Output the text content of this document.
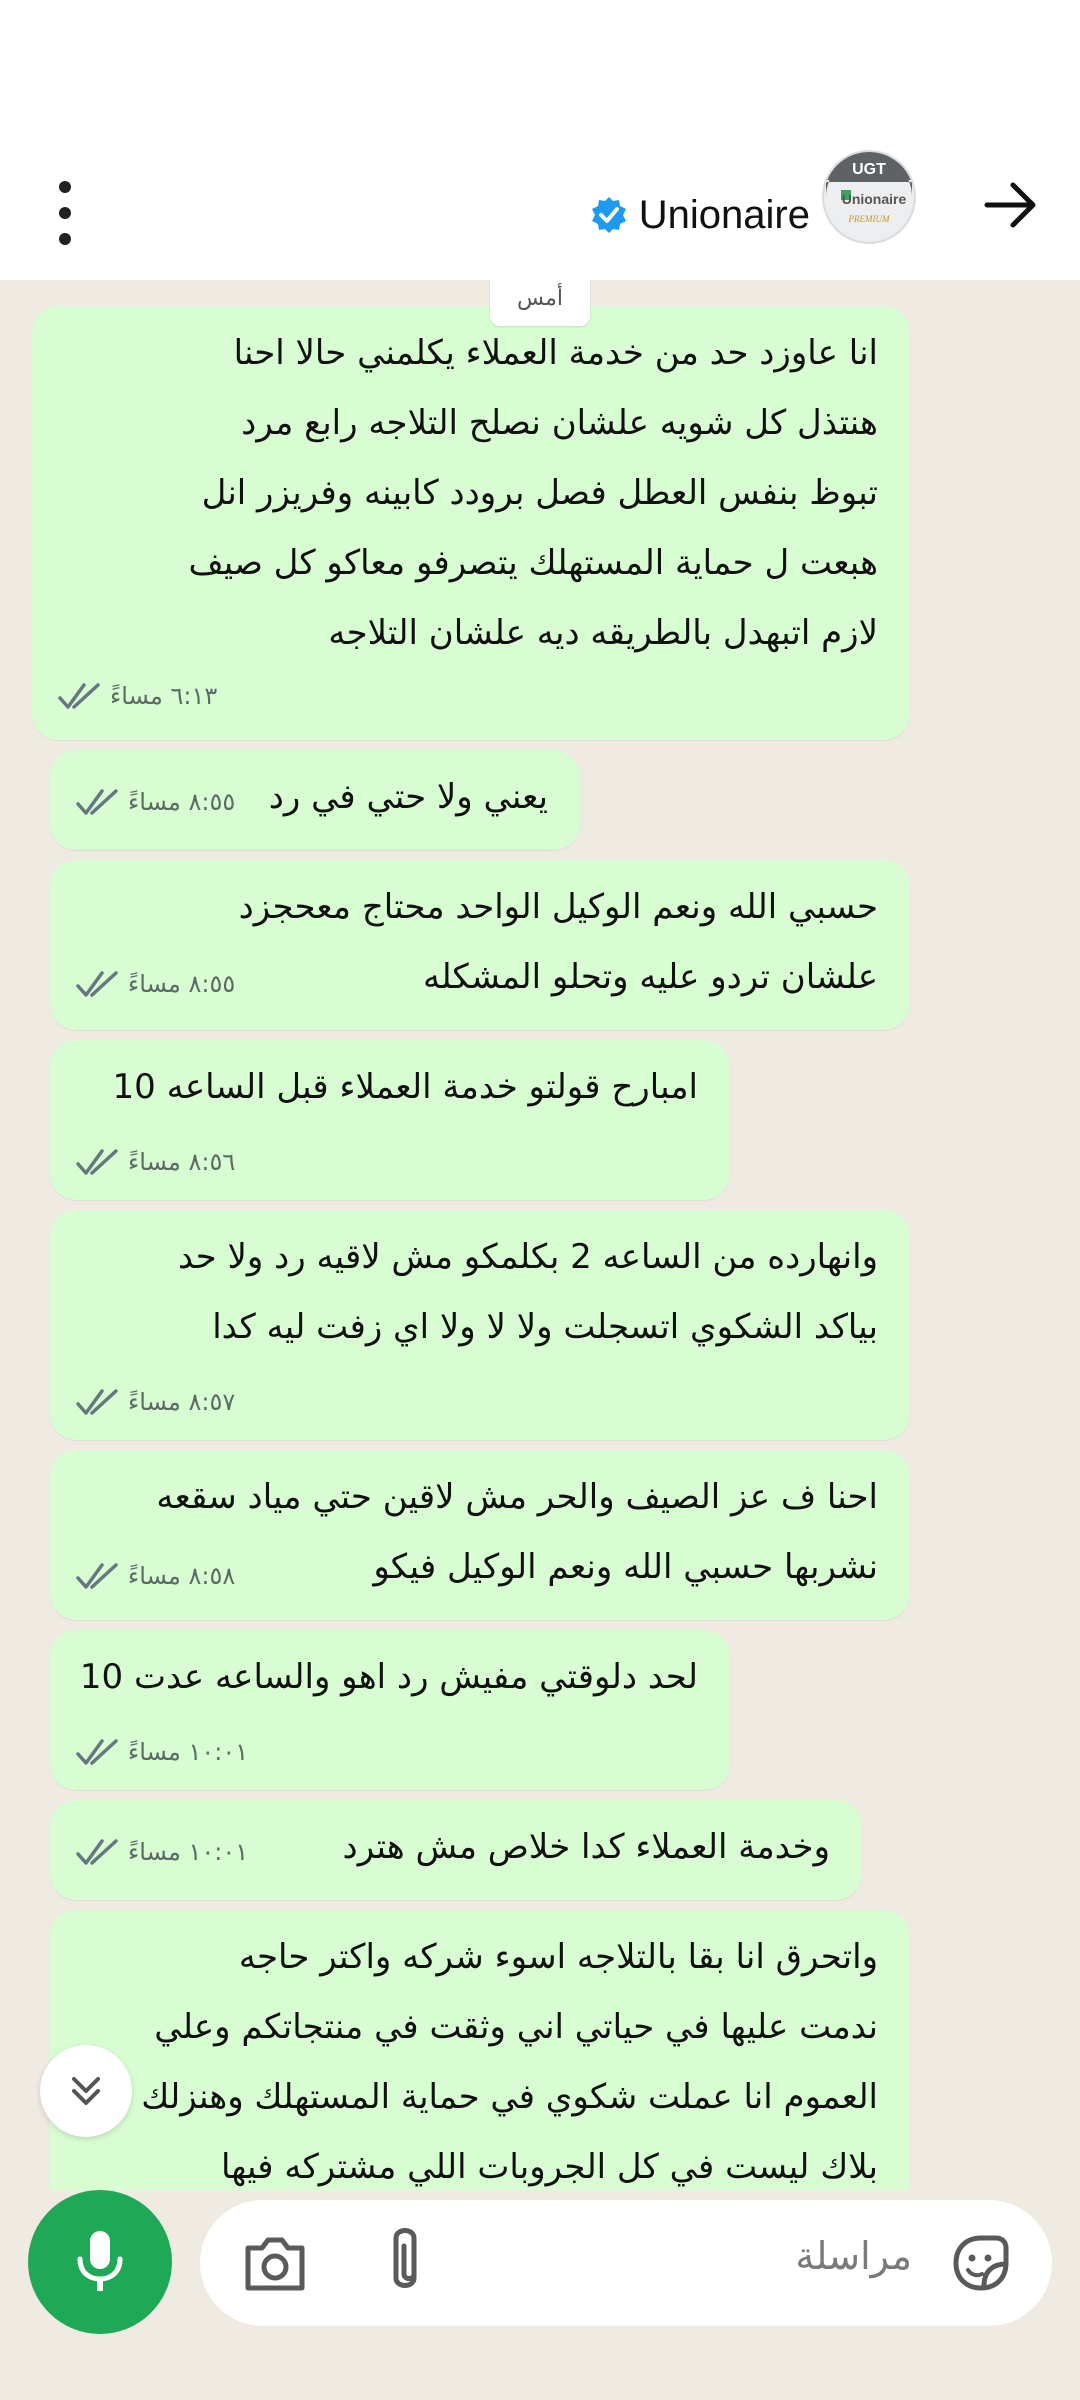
Unionaire
UGT
Unionaire
PREMIUM
أمس
انا عاوزد حد من خدمة العملاء يكلمني حالا احنا
هنتذل كل شويه علشان نصلح التلاجه رابع مرد
تبوظ بنفس العطل فصل برودد كابينه وفريزر انل
هبعت ل حماية المستهلك يتصرفو معاكو كل صيف
لازم اتبهدل بالطريقه ديه علشان التلاجه
٦:١٣ مساءً
يعني ولا حتي في رد
٨:٥٥ مساءً
حسبي الله ونعم الوكيل الواحد محتاج معحجزد
علشان تردو عليه وتحلو المشكله
٨:٥٥ مساءً
امبارح قولتو خدمة العملاء قبل الساعه 10
٨:٥٦ مساءً
وانهارده من الساعه 2 بكلمكو مش لاقيه رد ولا حد
بياكد الشكوي اتسجلت ولا لا ولا اي زفت ليه كدا
٨:٥٧ مساءً
احنا ف عز الصيف والحر مش لاقين حتي مياد سقعه
نشربها حسبي الله ونعم الوكيل فيكو
٨:٥٨ مساءً
لحد دلوقتي مفيش رد اهو والساعه عدت 10
١٠:٠١ مساءً
وخدمة العملاء كدا خلاص مش هترد
١٠:٠١ مساءً
واتحرق انا بقا بالتلاجه اسوء شركه واكتر حاجه
ندمت عليها في حياتي اني وثقت في منتجاتكم وعلي
العموم انا عملت شكوي في حماية المستهلك وهنزلك
بلاك ليست في كل الجروبات اللي مشتركه فيها
مراسلة
